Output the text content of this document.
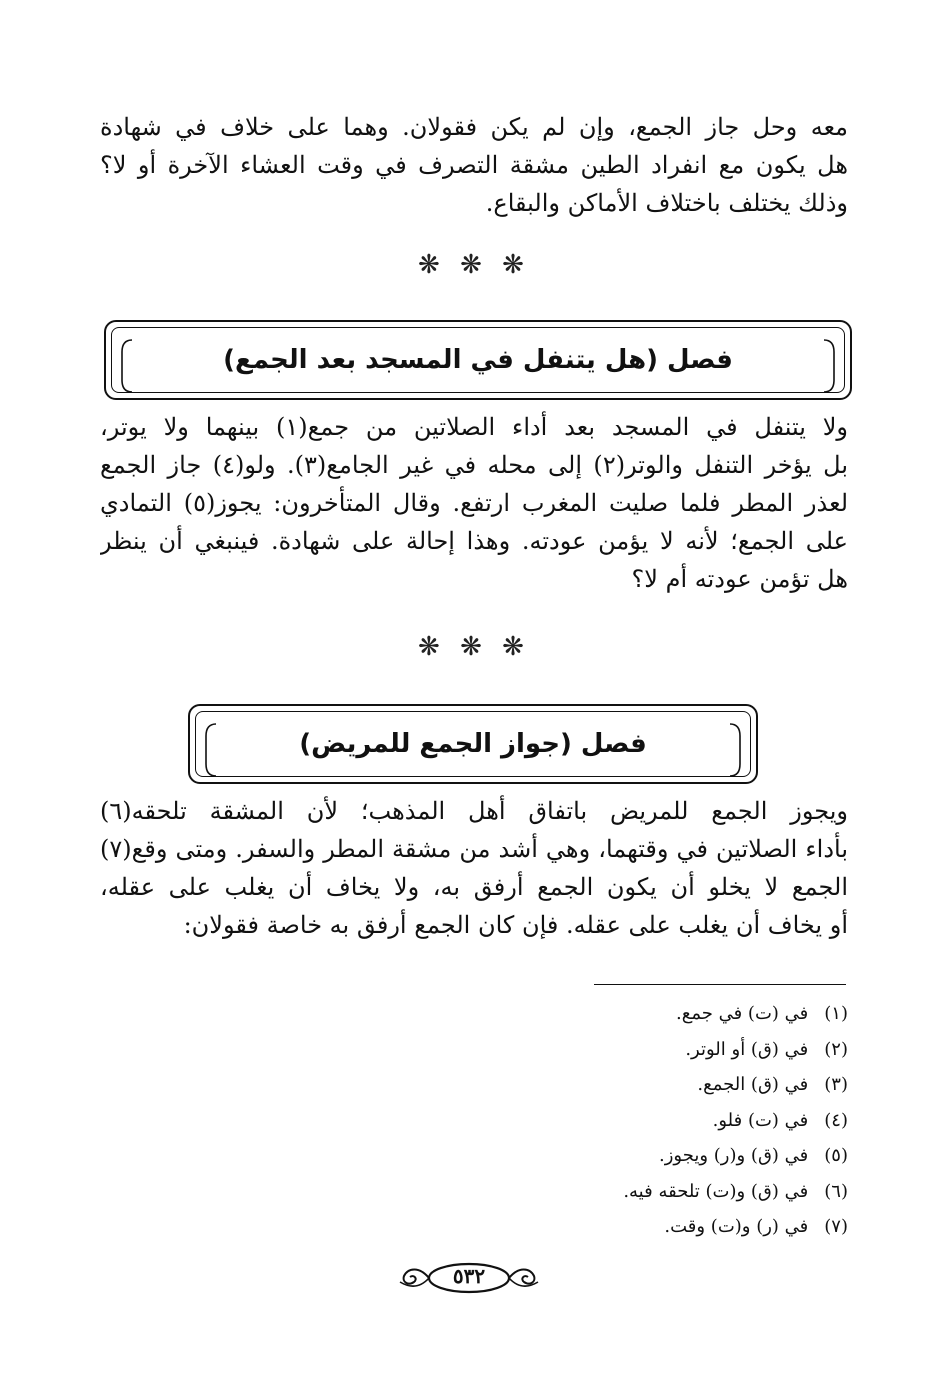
معه وحل جاز الجمع، وإن لم يكن فقولان. وهما على خلاف في شهادة
هل يكون مع انفراد الطين مشقة التصرف في وقت العشاء الآخرة أو لا؟
وذلك يختلف باختلاف الأماكن والبقاع.
❋ ❋ ❋
فصل (هل يتنفل في المسجد بعد الجمع)
ولا يتنفل في المسجد بعد أداء الصلاتين من جمع(١) بينهما ولا يوتر،
بل يؤخر التنفل والوتر(٢) إلى محله في غير الجامع(٣). ولو(٤) جاز الجمع
لعذر المطر فلما صليت المغرب ارتفع. وقال المتأخرون: يجوز(٥) التمادي
على الجمع؛ لأنه لا يؤمن عودته. وهذا إحالة على شهادة. فينبغي أن ينظر
هل تؤمن عودته أم لا؟
❋ ❋ ❋
فصل (جواز الجمع للمريض)
ويجوز الجمع للمريض باتفاق أهل المذهب؛ لأن المشقة تلحقه(٦)
بأداء الصلاتين في وقتهما، وهي أشد من مشقة المطر والسفر. ومتى وقع(٧)
الجمع لا يخلو أن يكون الجمع أرفق به، ولا يخاف أن يغلب على عقله،
أو يخاف أن يغلب على عقله. فإن كان الجمع أرفق به خاصة فقولان:
(١) في (ت) في جمع.
(٢) في (ق) أو الوتر.
(٣) في (ق) الجمع.
(٤) في (ت) فلو.
(٥) في (ق) و(ر) ويجوز.
(٦) في (ق) و(ت) تلحقه فيه.
(٧) في (ر) و(ت) وقت.
٥٣٢
